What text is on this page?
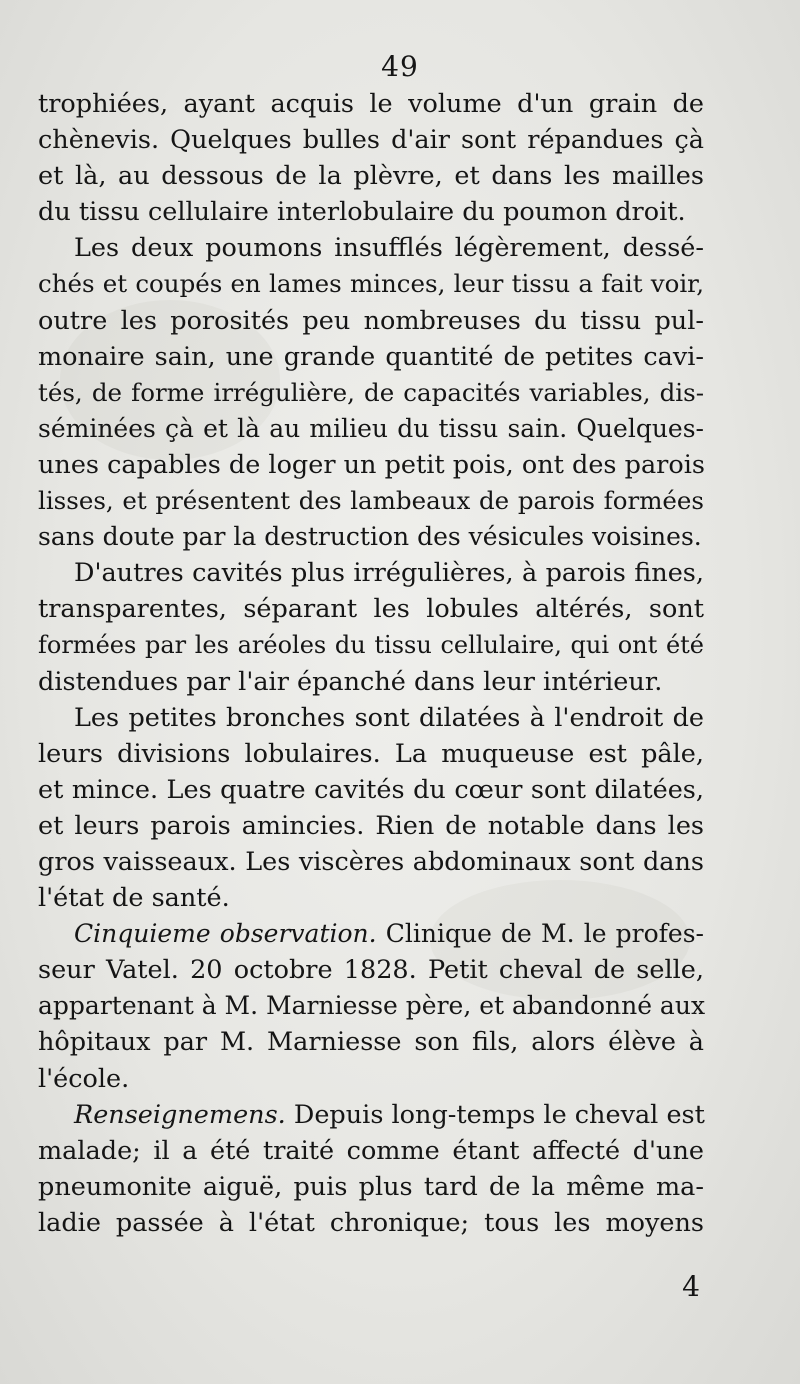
49
trophiées, ayant acquis le volume d'un grain de
chènevis. Quelques bulles d'air sont répandues çà
et là, au dessous de la plèvre, et dans les mailles
du tissu cellulaire interlobulaire du poumon droit.
Les deux poumons insufflés légèrement, dessé-
chés et coupés en lames minces, leur tissu a fait voir,
outre les porosités peu nombreuses du tissu pul-
monaire sain, une grande quantité de petites cavi-
tés, de forme irrégulière, de capacités variables, dis-
séminées çà et là au milieu du tissu sain. Quelques-
unes capables de loger un petit pois, ont des parois
lisses, et présentent des lambeaux de parois formées
sans doute par la destruction des vésicules voisines.
D'autres cavités plus irrégulières, à parois fines,
transparentes, séparant les lobules altérés, sont
formées par les aréoles du tissu cellulaire, qui ont été
distendues par l'air épanché dans leur intérieur.
Les petites bronches sont dilatées à l'endroit de
leurs divisions lobulaires. La muqueuse est pâle,
et mince. Les quatre cavités du cœur sont dilatées,
et leurs parois amincies. Rien de notable dans les
gros vaisseaux. Les viscères abdominaux sont dans
l'état de santé.
Cinquieme observation. Clinique de M. le profes-
seur Vatel. 20 octobre 1828. Petit cheval de selle,
appartenant à M. Marniesse père, et abandonné aux
hôpitaux par M. Marniesse son fils, alors élève à
l'école.
Renseignemens. Depuis long-temps le cheval est
malade; il a été traité comme étant affecté d'une
pneumonite aiguë, puis plus tard de la même ma-
ladie passée à l'état chronique; tous les moyens
4
